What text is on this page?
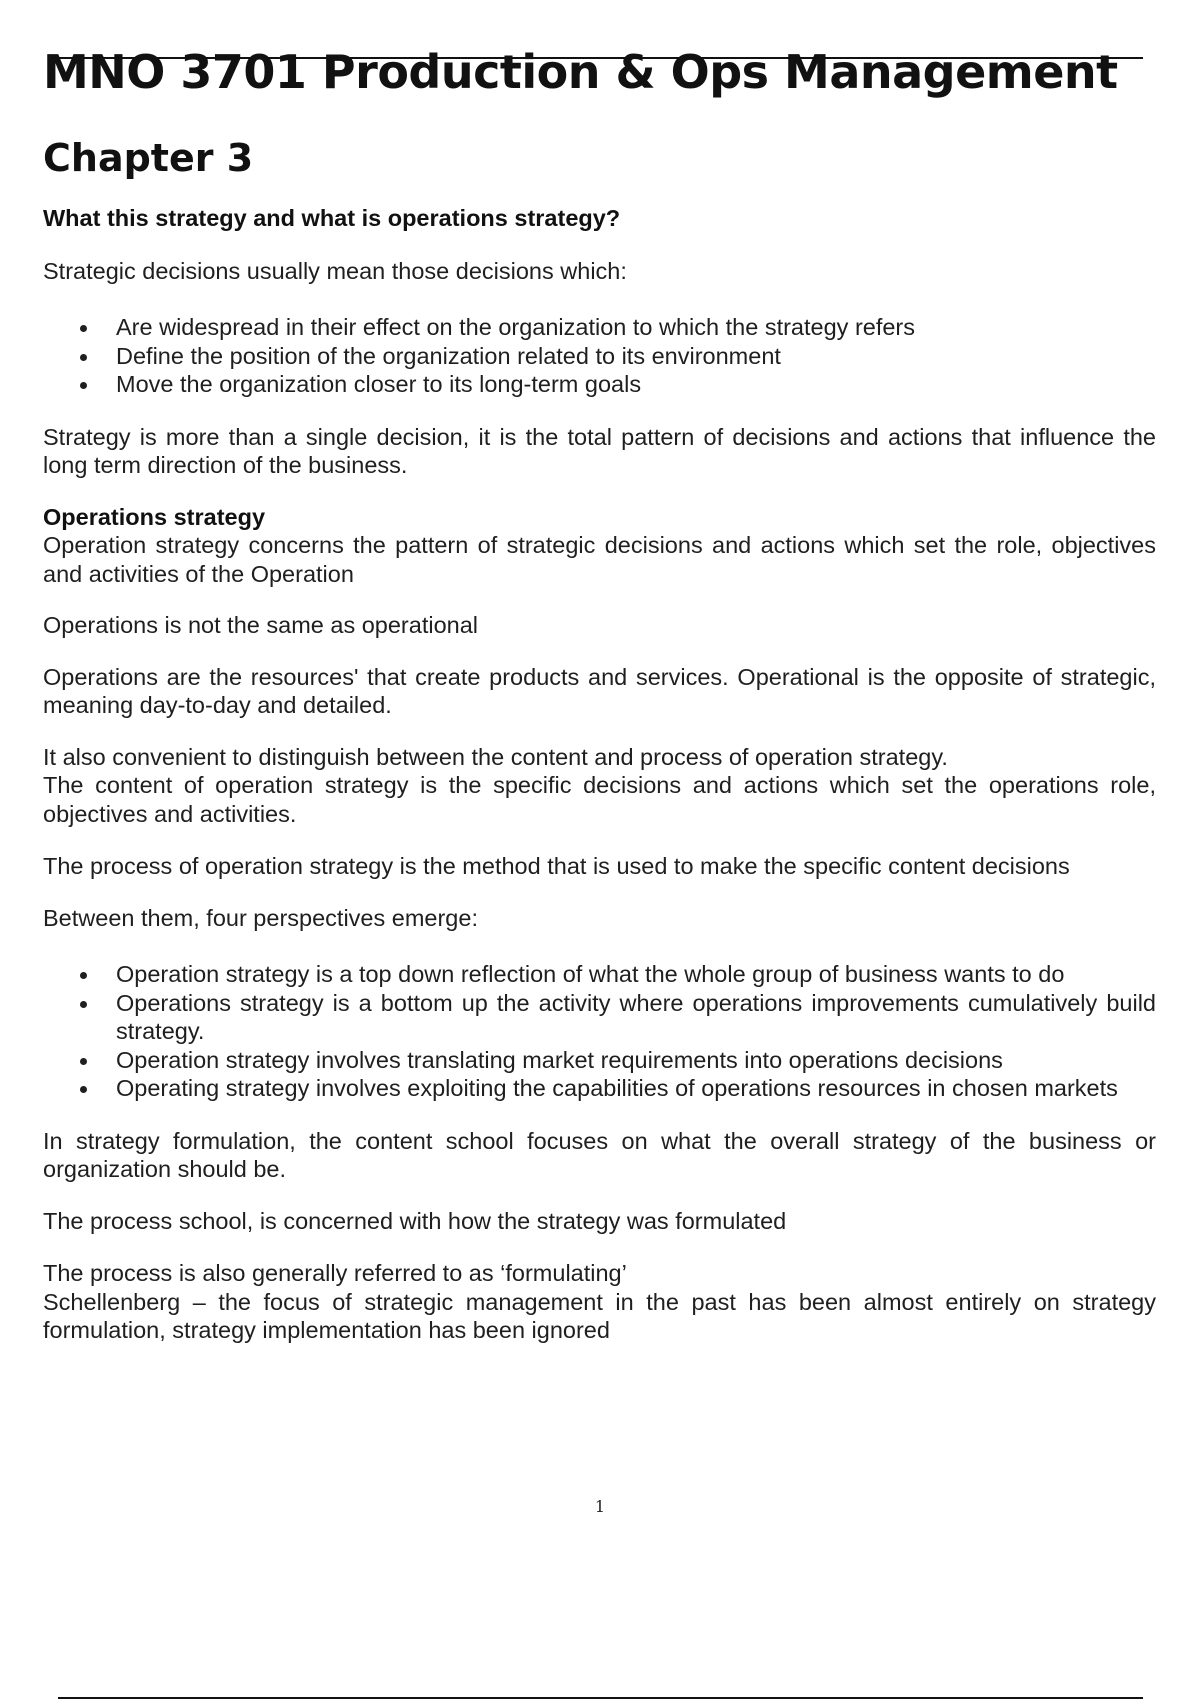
MNO 3701 Production & Ops Management
Chapter 3

What this strategy and what is operations strategy?

Strategic decisions usually mean those decisions which:

Are widespread in their effect on the organization to which the strategy refers
Define the position of the organization related to its environment
Move the organization closer to its long-term goals

Strategy is more than a single decision, it is the total pattern of decisions and actions that influence the long term direction of the business.

Operations strategy

Operation strategy concerns the pattern of strategic decisions and actions which set the role, objectives and activities of the Operation

Operations is not the same as operational

Operations are the resources' that create products and services. Operational is the opposite of strategic, meaning day-to-day and detailed.

It also convenient to distinguish between the content and process of operation strategy.

The content of operation strategy is the specific decisions and actions which set the operations role, objectives and activities.

The process of operation strategy is the method that is used to make the specific content decisions

Between them, four perspectives emerge:

Operation strategy is a top down reflection of what the whole group of business wants to do
Operations strategy is a bottom up the activity where operations improvements cumulatively build strategy.
Operation strategy involves translating market requirements into operations decisions
Operating strategy involves exploiting the capabilities of operations resources in chosen markets

In strategy formulation, the content school focuses on what the overall strategy of the business or organization should be.

The process school, is concerned with how the strategy was formulated

The process is also generally referred to as ‘formulating’

Schellenberg – the focus of strategic management in the past has been almost entirely on strategy formulation, strategy implementation has been ignored

1
